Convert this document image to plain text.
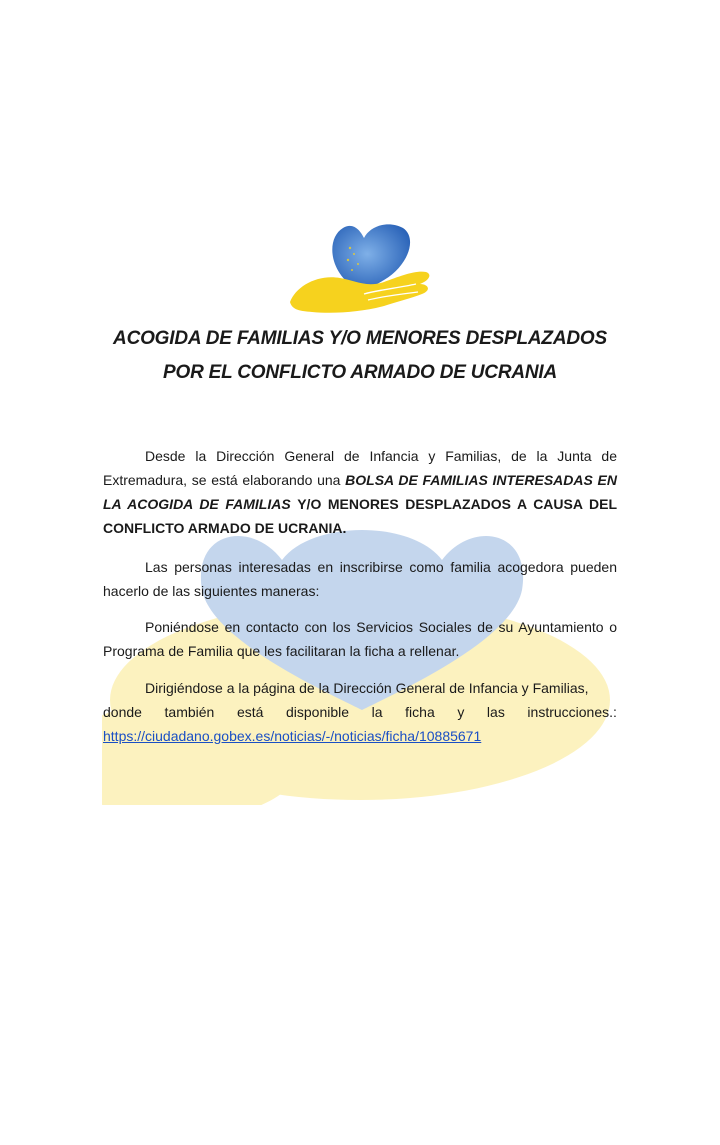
ACOGIDA DE FAMILIAS Y/O MENORES DESPLAZADOS
POR EL CONFLICTO ARMADO DE UCRANIA
Desde la Dirección General de Infancia y Familias, de la Junta de Extremadura, se está elaborando una BOLSA DE FAMILIAS INTERESADAS EN LA ACOGIDA DE FAMILIAS Y/O MENORES DESPLAZADOS A CAUSA DEL CONFLICTO ARMADO DE UCRANIA.
Las personas interesadas en inscribirse como familia acogedora pueden hacerlo de las siguientes maneras:
Poniéndose en contacto con los Servicios Sociales de su Ayuntamiento o Programa de Familia que les facilitaran la ficha a rellenar.
Dirigiéndose a la página de la Dirección General de Infancia y Familias,
donde también está disponible la ficha y las instrucciones.:
https://ciudadano.gobex.es/noticias/-/noticias/ficha/10885671
